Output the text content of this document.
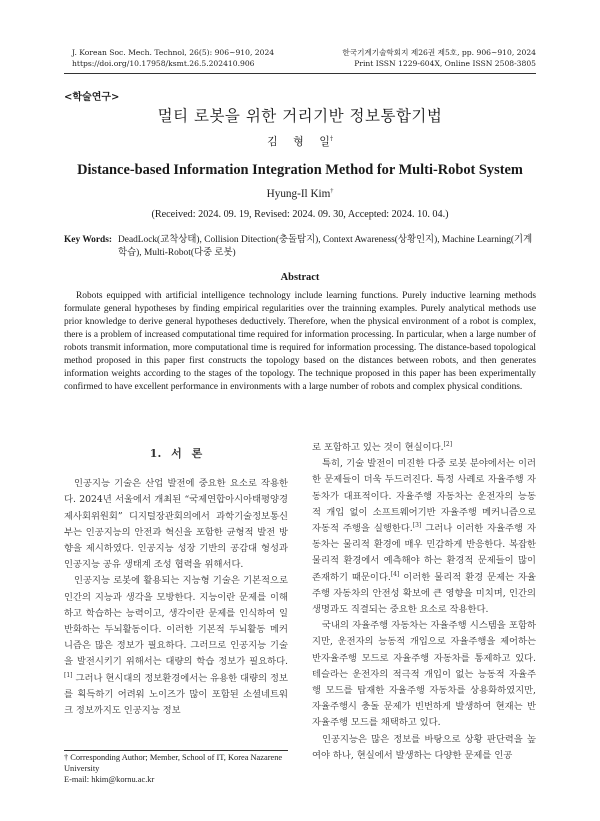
J. Korean Soc. Mech. Technol, 26(5): 906~910, 2024
https://doi.org/10.17958/ksmt.26.5.202410.906
한국기계기술학회지 제26권 제5호, pp. 906~910, 2024
Print ISSN 1229-604X, Online ISSN 2508-3805
<학술연구>
멀티 로봇을 위한 거리기반 정보통합기법
김 형 일†
Distance-based Information Integration Method for Multi-Robot System
Hyung-Il Kim†
(Received: 2024. 09. 19, Revised: 2024. 09. 30, Accepted: 2024. 10. 04.)
Key Words: DeadLock(교착상태), Collision Ditection(충돌탐지), Context Awareness(상황인지), Machine Learning(기계학습), Multi-Robot(다중 로봇)
Abstract

Robots equipped with artificial intelligence technology include learning functions. Purely inductive learning methods formulate general hypotheses by finding empirical regularities over the trainning examples. Purely analytical methods use prior knowledge to derive general hypotheses deductively. Therefore, when the physical environment of a robot is complex, there is a problem of increased computational time required for information processing. In particular, when a large number of robots transmit information, more computational time is required for information processing. The distance-based topological method proposed in this paper first constructs the topology based on the distances between robots, and then generates information weights according to the stages of the topology. The technique proposed in this paper has been experimentally confirmed to have excellent performance in environments with a large number of robots and complex physical conditions.

1. 서 론

인공지능 기술은 산업 발전에 중요한 요소로 작용한다. 2024년 서울에서 개최된 “국제연합아시아태평양경제사회위원회” 디지털장관회의에서 과학기술정보통신부는 인공지능의 안전과 혁신을 포함한 균형적 발전 방향을 제시하였다. 인공지능 성장 기반의 공감대 형성과 인공지능 공유 생태계 조성 협력을 위해서다.

인공지능 로봇에 활용되는 지능형 기술은 기본적으로 인간의 지능과 생각을 모방한다. 지능이란 문제를 이해하고 학습하는 능력이고, 생각이란 문제를 인식하여 일반화하는 두뇌활동이다. 이러한 기본적 두뇌활동 메커니즘은 많은 정보가 필요하다. 그러므로 인공지능 기술을 발전시키기 위해서는 대량의 학습 정보가 필요하다.[1] 그러나 현시대의 정보환경에서는 유용한 대량의 정보를 획득하기 어려워 노이즈가 많이 포함된 소셜네트워크 정보까지도 인공지능 정보

로 포함하고 있는 것이 현실이다.[2]

특히, 기술 발전이 미진한 다중 로봇 분야에서는 이러한 문제들이 더욱 두드러진다. 특정 사례로 자율주행 자동차가 대표적이다. 자율주행 자동차는 운전자의 능동적 개입 없이 소프트웨어기반 자율주행 메커니즘으로 자동적 주행을 실행한다.[3] 그러나 이러한 자율주행 자동차는 물리적 환경에 매우 민감하게 반응한다. 복잡한 물리적 환경에서 예측해야 하는 환경적 문제들이 많이 존재하기 때문이다.[4] 이러한 물리적 환경 문제는 자율주행 자동차의 안전성 확보에 큰 영향을 미치며, 인간의 생명과도 직결되는 중요한 요소로 작용한다.

국내의 자율주행 자동차는 자율주행 시스템을 포함하지만, 운전자의 능동적 개입으로 자율주행을 제어하는 반자율주행 모드로 자율주행 자동차를 통제하고 있다. 테슬라는 운전자의 적극적 개입이 없는 능동적 자율주행 모드를 탑재한 자율주행 자동차를 상용화하였지만, 자율주행시 충돌 문제가 빈번하게 발생하여 현재는 반자율주행 모드를 채택하고 있다.

인공지능은 많은 정보를 바탕으로 상황 판단력을 높여야 하나, 현실에서 발생하는 다양한 문제를 인공

† Corresponding Author; Member, School of IT, Korea Nazarene University
E-mail: hkim@kornu.ac.kr
